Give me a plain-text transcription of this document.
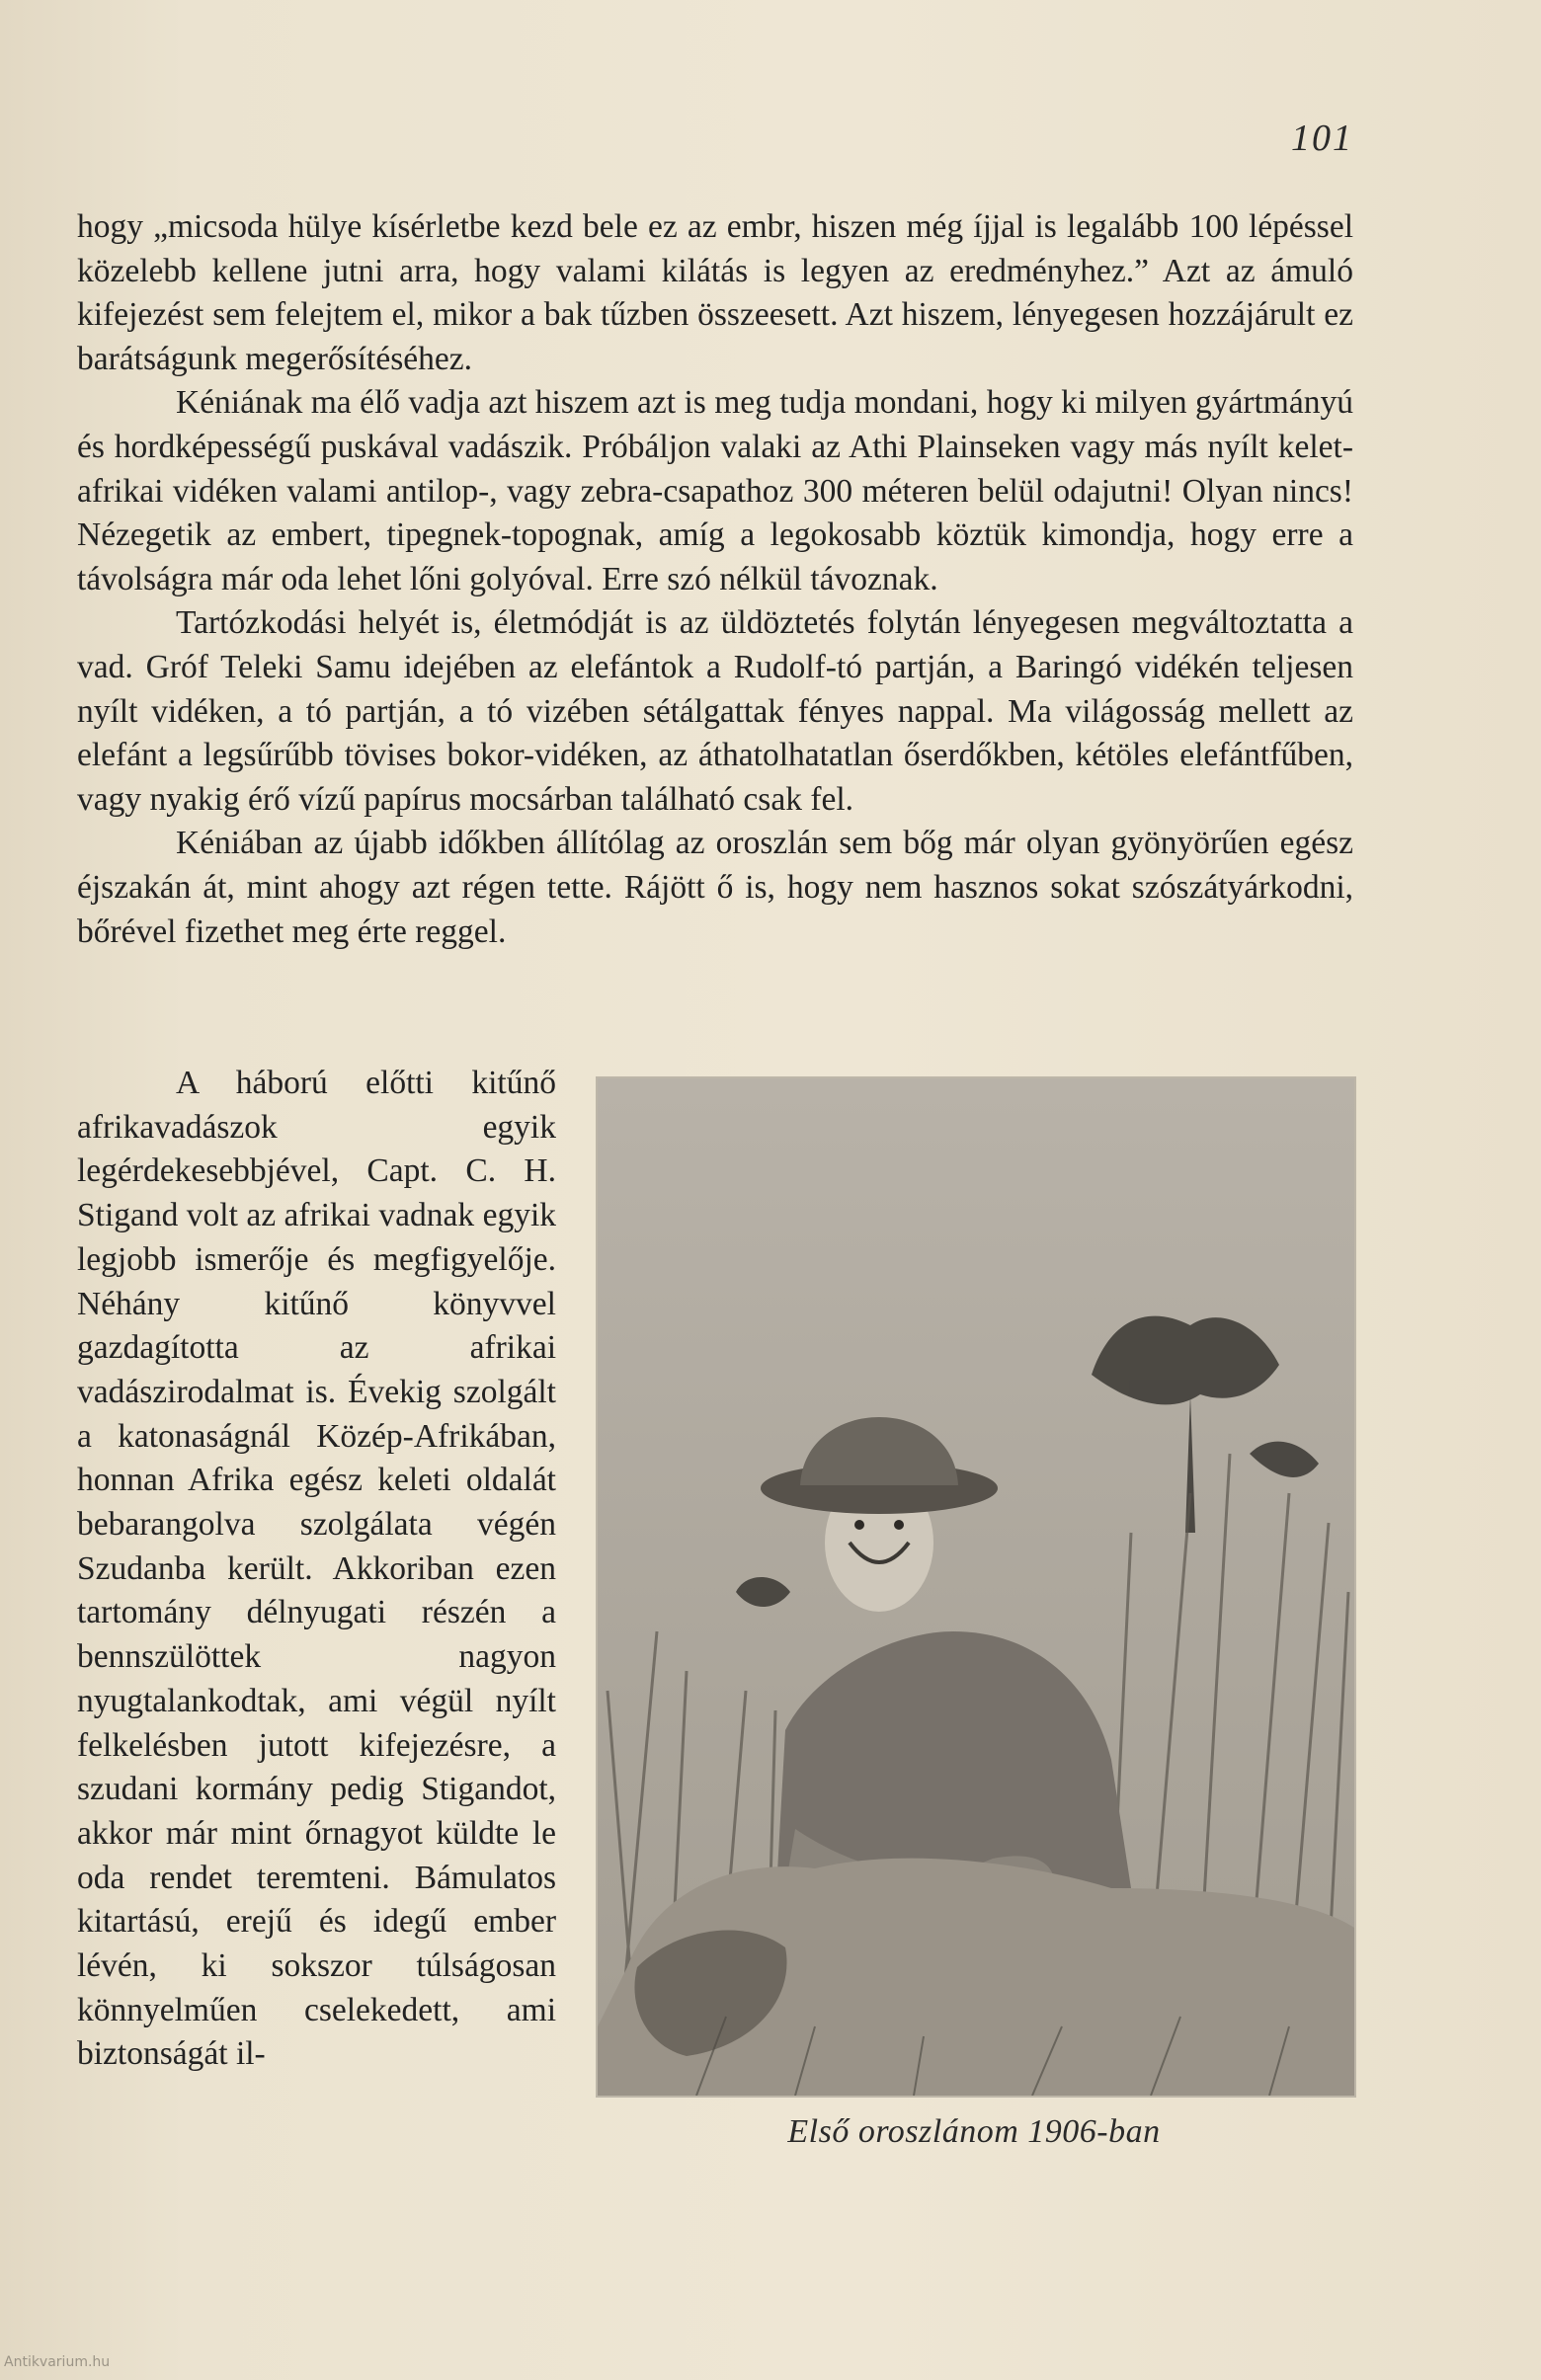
101

hogy „micsoda hülye kísérletbe kezd bele ez az embr, hiszen még íjjal is legalább 100 lépéssel közelebb kellene jutni arra, hogy valami kilátás is legyen az eredményhez.” Azt az ámuló kifejezést sem felejtem el, mikor a bak tűzben összeesett. Azt hiszem, lényegesen hozzájárult ez barátságunk megerősítéséhez.

Kéniának ma élő vadja azt hiszem azt is meg tudja mondani, hogy ki milyen gyártmányú és hordképességű puskával vadászik. Próbáljon valaki az Athi Plainseken vagy más nyílt kelet-afrikai vidéken valami antilop-, vagy zebra-csapathoz 300 méteren belül odajutni! Olyan nincs! Nézegetik az embert, tipegnek-topognak, amíg a legokosabb köztük kimondja, hogy erre a távolságra már oda lehet lőni golyóval. Erre szó nélkül távoznak.

Tartózkodási helyét is, életmódját is az üldöztetés folytán lényegesen megváltoztatta a vad. Gróf Teleki Samu idejében az elefántok a Rudolf-tó partján, a Baringó vidékén teljesen nyílt vidéken, a tó partján, a tó vizében sétálgattak fényes nappal. Ma világosság mellett az elefánt a legsűrűbb tövises bokor-vidéken, az áthatolhatatlan őserdőkben, kétöles elefántfűben, vagy nyakig érő vízű papírus mocsárban található csak fel.

Kéniában az újabb időkben állítólag az oroszlán sem bőg már olyan gyönyörűen egész éjszakán át, mint ahogy azt régen tette. Rájött ő is, hogy nem hasznos sokat szószátyárkodni, bőrével fizethet meg érte reggel.

A háború előtti kitűnő afrikavadászok egyik legérdekesebbjével, Capt. C. H. Stigand volt az afrikai vadnak egyik legjobb ismerője és megfigyelője. Néhány kitűnő könyvvel gazdagította az afrikai vadászirodalmat is. Évekig szolgált a katonaságnál Közép-Afrikában, honnan Afrika egész keleti oldalát bebarangolva szolgálata végén Szudanba került. Akkoriban ezen tartomány délnyugati részén a bennszülöttek nagyon nyugtalankodtak, ami végül nyílt felkelésben jutott kifejezésre, a szudani kormány pedig Stigandot, akkor már mint őrnagyot küldte le oda rendet teremteni. Bámulatos kitartású, erejű és idegű ember lévén, ki sokszor túlságosan könnyelműen cselekedett, ami biztonságát il-

Első oroszlánom 1906-ban
Antikvarium.hu
